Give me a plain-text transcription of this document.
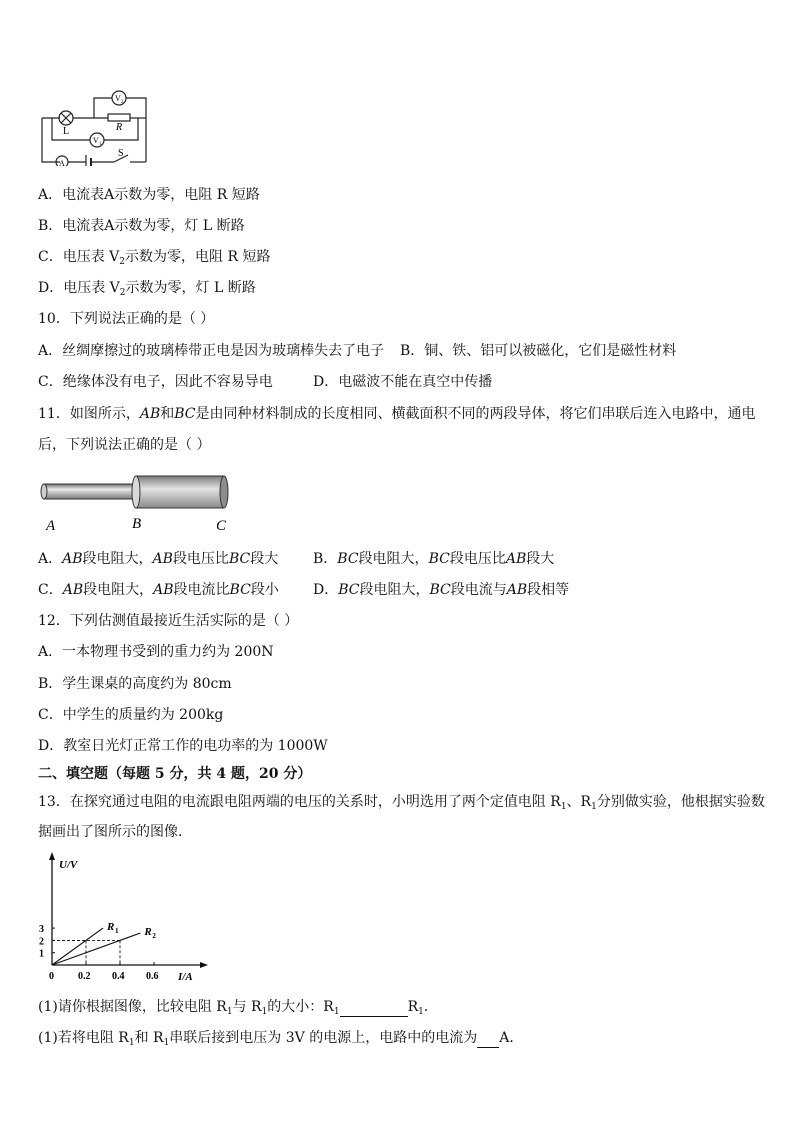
L	R
S
A
V 2
V 1
A．电流表A示数为零，电阻 R 短路
B．电流表A示数为零，灯 L 断路
C．电压表 $V_2$示数为零，电阻 R 短路
D．电压表 $V_2$示数为零，灯 L 断路
10．下列说法正确的是（ ）
A．丝绸摩擦过的玻璃棒带正电是因为玻璃棒失去了电子 B．铜、铁、铝可以被磁化，它们是磁性材料
C．绝缘体没有电子，因此不容易导电	D．电磁波不能在真空中传播
11．如图所示，AB和BC是由同种材料制成的长度相同、横截面积不同的两段导体，将它们串联后连入电路中，通电
后，下列说法正确的是（ ）
A	B	C
A．AB段电阻大，AB段电压比BC段大 B．BC段电阻大，BC段电压比AB段大
C．AB段电阻大，AB段电流比BC段小 D．BC段电阻大，BC段电流与AB段相等
12．下列估测值最接近生活实际的是（ ）
A．一本物理书受到的重力约为 200N
B．学生课桌的高度约为 80cm
C．中学生的质量约为 200kg
D．教室日光灯正常工作的电功率的为 1000W
二、填空题（每题 5 分，共 4 题，20 分）
13．在探究通过电阻的电流跟电阻两端的电压的关系时，小明选用了两个定值电阻 $R_1$、$R_1$分别做实验，他根据实验数
据画出了图所示的图像．
0.2 0.4 0.6
1
2
3
0
U/V
I/A
R 1 R 2
(1)请你根据图像，比较电阻 $R_1$与 $R_1$的大小：$R_1$	$R_1$．
(1)若将电阻 $R_1$和 $R_1$串联后接到电压为 3V 的电源上，电路中的电流为 A．
